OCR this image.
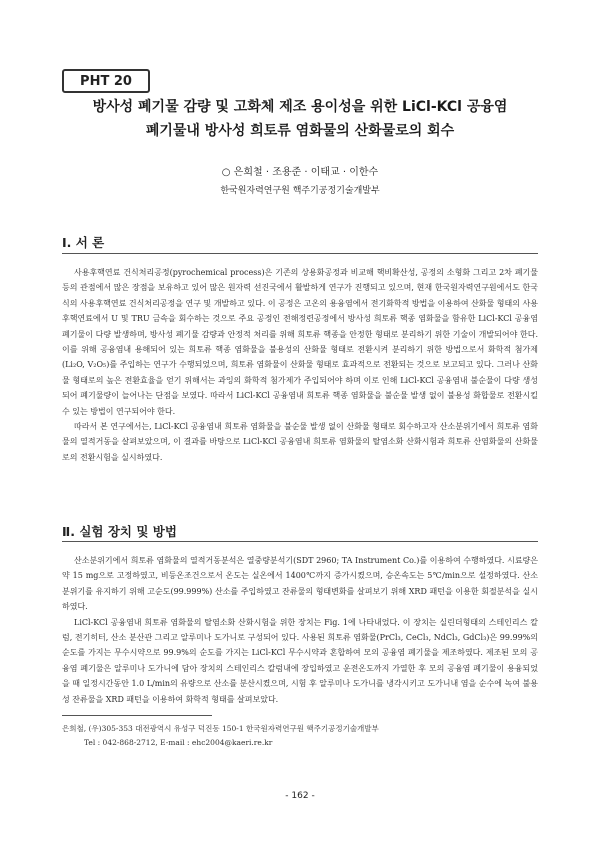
PHT 20
방사성 폐기물 감량 및 고화체 제조 용이성을 위한 LiCl-KCl 공융염
폐기물내 방사성 희토류 염화물의 산화물로의 회수
○ 은희철 · 조용준 · 이태교 · 이한수
한국원자력연구원 핵주기공정기술개발부
Ⅰ. 서 론

사용후핵연료 건식처리공정(pyrochemical process)은 기존의 상용화공정과 비교해 핵비확산성, 공정의 소형화 그리고 2차 폐기물 등의 관점에서 많은 장점을 보유하고 있어 많은 원자력 선진국에서 활발하게 연구가 진행되고 있으며, 현재 한국원자력연구원에서도 한국식의 사용후핵연료 건식처리공정을 연구 및 개발하고 있다. 이 공정은 고온의 용융염에서 전기화학적 방법을 이용하여 산화물 형태의 사용후핵연료에서 U 및 TRU 금속을 회수하는 것으로 주요 공정인 전해정련공정에서 방사성 희토류 핵종 염화물을 함유한 LiCl-KCl 공융염 폐기물이 다량 발생하며, 방사성 폐기물 감량과 안정적 처리를 위해 희토류 핵종을 안정한 형태로 분리하기 위한 기술이 개발되어야 한다. 이를 위해 공융염내 용해되어 있는 희토류 핵종 염화물을 불용성의 산화물 형태로 전환시켜 분리하기 위한 방법으로서 화학적 첨가제(Li₂O, V₂O₅)를 주입하는 연구가 수행되었으며, 희토류 염화물이 산화물 형태로 효과적으로 전환되는 것으로 보고되고 있다. 그러나 산화물 형태로의 높은 전환효율을 얻기 위해서는 과잉의 화학적 첨가제가 주입되어야 하며 이로 인해 LiCl-KCl 공융염내 불순물이 다량 생성되어 폐기물량이 늘어나는 단점을 보였다. 따라서 LiCl-KCl 공융염내 희토류 핵종 염화물을 불순물 발생 없이 불용성 화합물로 전환시킬 수 있는 방법이 연구되어야 한다.

따라서 본 연구에서는, LiCl-KCl 공융염내 희토류 염화물을 불순물 발생 없이 산화물 형태로 회수하고자 산소분위기에서 희토류 염화물의 열적거동을 살펴보았으며, 이 결과를 바탕으로 LiCl-KCl 공융염내 희토류 염화물의 탈염소화 산화시험과 희토류 산염화물의 산화물로의 전환시험을 실시하였다.

Ⅱ. 실험 장치 및 방법

산소분위기에서 희토류 염화물의 열적거동분석은 열중량분석기(SDT 2960; TA Instrument Co.)를 이용하여 수행하였다. 시료량은 약 15 mg으로 고정하였고, 비등온조건으로서 온도는 실온에서 1400℃까지 증가시켰으며, 승온속도는 5℃/min으로 설정하였다. 산소분위기를 유지하기 위해 고순도(99.999%) 산소를 주입하였고 잔류물의 형태변화를 살펴보기 위해 XRD 패턴을 이용한 회절분석을 실시하였다.

LiCl-KCl 공융염내 희토류 염화물의 탈염소화 산화시험을 위한 장치는 Fig. 1에 나타내었다. 이 장치는 실린더형태의 스테인리스 칼럼, 전기히터, 산소 분산관 그리고 알루미나 도가니로 구성되어 있다. 사용된 희토류 염화물(PrCl₃, CeCl₃, NdCl₃, GdCl₃)은 99.99%의 순도를 가지는 무수시약으로 99.9%의 순도를 가지는 LiCl-KCl 무수시약과 혼합하여 모의 공융염 폐기물을 제조하였다. 제조된 모의 공융염 폐기물은 알루미나 도가니에 담아 장치의 스테인리스 칼럼내에 장입하였고 운전온도까지 가열한 후 모의 공융염 폐기물이 용융되었을 때 일정시간동안 1.0 L/min의 유량으로 산소를 분산시켰으며, 시험 후 알루미나 도가니를 냉각시키고 도가니내 염을 순수에 녹여 불용성 잔류물을 XRD 패턴을 이용하여 화학적 형태를 살펴보았다.

은희철, (우)305-353 대전광역시 유성구 덕진동 150-1 한국원자력연구원 핵주기공정기술개발부
Tel : 042-868-2712, E-mail : ehc2004@kaeri.re.kr
- 162 -
